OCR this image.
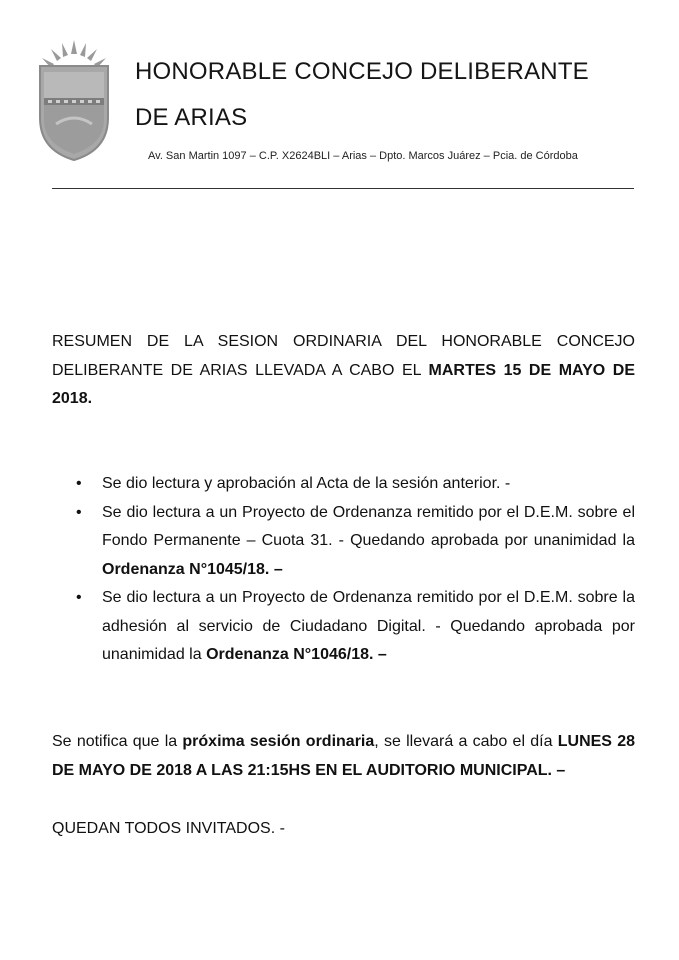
HONORABLE CONCEJO DELIBERANTE
DE ARIAS
Av. San Martin 1097 – C.P. X2624BLI – Arias – Dpto. Marcos Juárez – Pcia. de Córdoba
RESUMEN DE LA SESION ORDINARIA DEL HONORABLE CONCEJO DELIBERANTE DE ARIAS LLEVADA A CABO EL MARTES 15 DE MAYO DE 2018.
• Se dio lectura y aprobación al Acta de la sesión anterior. -
• Se dio lectura a un Proyecto de Ordenanza remitido por el D.E.M. sobre el Fondo Permanente – Cuota 31. - Quedando aprobada por unanimidad la Ordenanza N°1045/18. –
• Se dio lectura a un Proyecto de Ordenanza remitido por el D.E.M. sobre la adhesión al servicio de Ciudadano Digital. - Quedando aprobada por unanimidad la Ordenanza N°1046/18. –
Se notifica que la próxima sesión ordinaria, se llevará a cabo el día LUNES 28 DE MAYO DE 2018 A LAS 21:15HS EN EL AUDITORIO MUNICIPAL. –
QUEDAN TODOS INVITADOS. -
